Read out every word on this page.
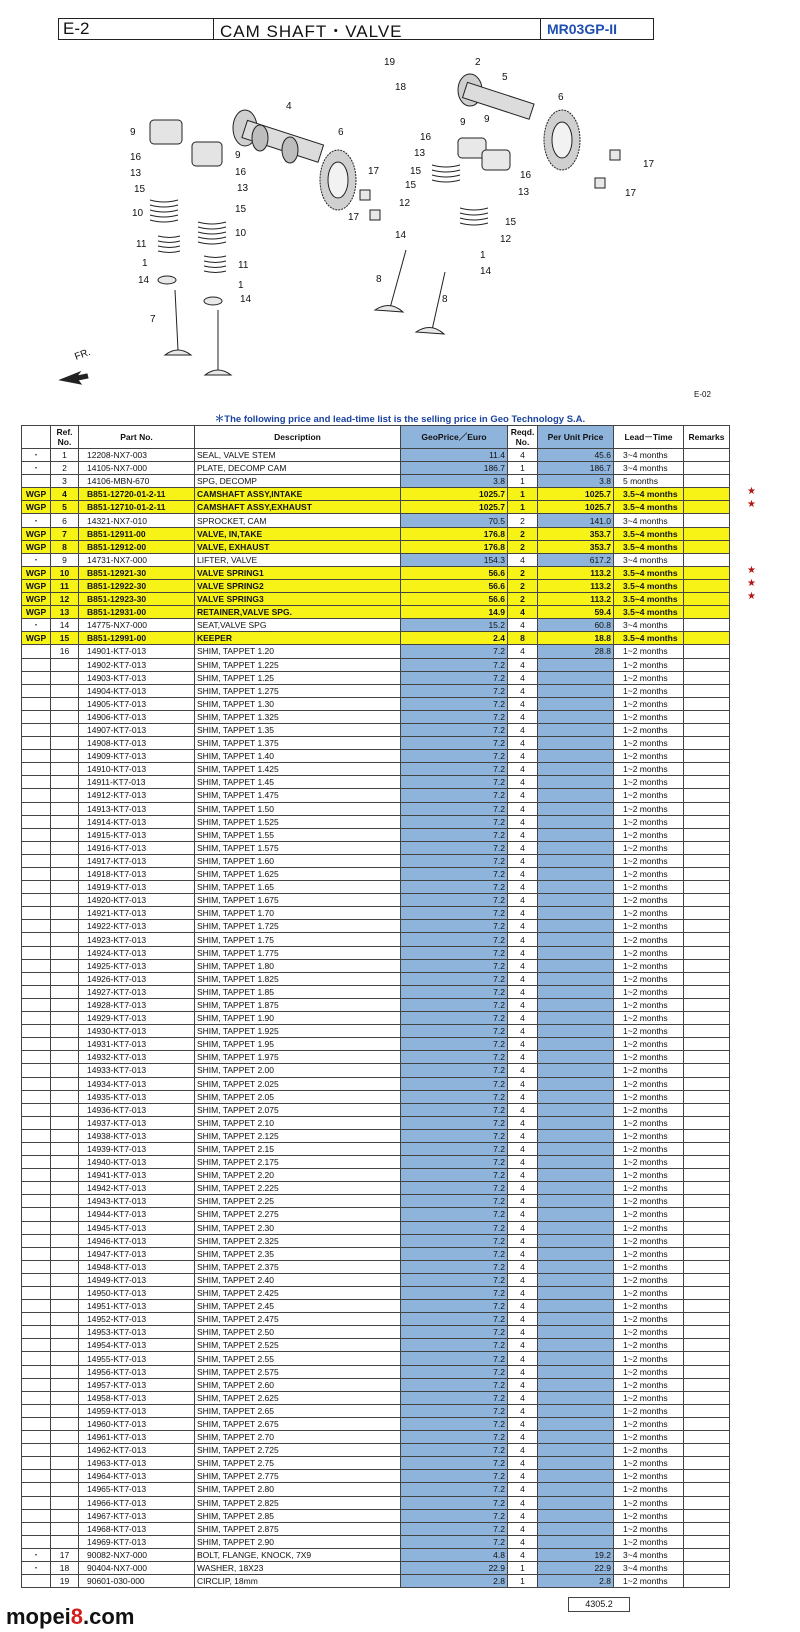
E-2	CAM SHAFT・VALVE	MR03GP-II
9
16
13
15
10
11
1
14
7
4
6
17
17
9
16
13
15
10
11
1
14
19
18
2
5
6
17
17
16
13
15
15
12
14
9 9
16
13
15
12
1
14
8
8
FR.
E-02
＊The following price and lead-time list is the selling price in Geo Technology S.A.
	Ref. No.	Part No.	Description	GeoPrice／Euro	Reqd. No.	Per Unit Price	Lead－Time	Remarks
・	1	12208-NX7-003	SEAL, VALVE STEM	11.4	4	45.6	3~4 months	
・	2	14105-NX7-000	PLATE, DECOMP CAM	186.7	1	186.7	3~4 months	
	3	14106-MBN-670	SPG, DECOMP	3.8	1	3.8	5 months	
WGP	4	B851-12720-01-2-11	CAMSHAFT ASSY,INTAKE	1025.7	1	1025.7	3.5~4 months	
WGP	5	B851-12710-01-2-11	CAMSHAFT ASSY,EXHAUST	1025.7	1	1025.7	3.5~4 months	
・	6	14321-NX7-010	SPROCKET, CAM	70.5	2	141.0	3~4 months	
WGP	7	B851-12911-00	VALVE, IN,TAKE	176.8	2	353.7	3.5~4 months	
WGP	8	B851-12912-00	VALVE, EXHAUST	176.8	2	353.7	3.5~4 months	
・	9	14731-NX7-000	LIFTER, VALVE	154.3	4	617.2	3~4 months	
WGP	10	B851-12921-30	VALVE SPRING1	56.6	2	113.2	3.5~4 months	
WGP	11	B851-12922-30	VALVE SPRING2	56.6	2	113.2	3.5~4 months	
WGP	12	B851-12923-30	VALVE SPRING3	56.6	2	113.2	3.5~4 months	
WGP	13	B851-12931-00	RETAINER,VALVE SPG.	14.9	4	59.4	3.5~4 months	
・	14	14775-NX7-000	SEAT,VALVE SPG	15.2	4	60.8	3~4 months	
WGP	15	B851-12991-00	KEEPER	2.4	8	18.8	3.5~4 months	
	16	14901-KT7-013	SHIM, TAPPET 1.20	7.2	4	28.8	1~2 months	
		14902-KT7-013	SHIM, TAPPET 1.225	7.2	4		1~2 months	
		14903-KT7-013	SHIM, TAPPET 1.25	7.2	4		1~2 months	
		14904-KT7-013	SHIM, TAPPET 1.275	7.2	4		1~2 months	
		14905-KT7-013	SHIM, TAPPET 1.30	7.2	4		1~2 months	
		14906-KT7-013	SHIM, TAPPET 1.325	7.2	4		1~2 months	
		14907-KT7-013	SHIM, TAPPET 1.35	7.2	4		1~2 months	
		14908-KT7-013	SHIM, TAPPET 1.375	7.2	4		1~2 months	
		14909-KT7-013	SHIM, TAPPET 1.40	7.2	4		1~2 months	
		14910-KT7-013	SHIM, TAPPET 1.425	7.2	4		1~2 months	
		14911-KT7-013	SHIM, TAPPET 1.45	7.2	4		1~2 months	
		14912-KT7-013	SHIM, TAPPET 1.475	7.2	4		1~2 months	
		14913-KT7-013	SHIM, TAPPET 1.50	7.2	4		1~2 months	
		14914-KT7-013	SHIM, TAPPET 1.525	7.2	4		1~2 months	
		14915-KT7-013	SHIM, TAPPET 1.55	7.2	4		1~2 months	
		14916-KT7-013	SHIM, TAPPET 1.575	7.2	4		1~2 months	
		14917-KT7-013	SHIM, TAPPET 1.60	7.2	4		1~2 months	
		14918-KT7-013	SHIM, TAPPET 1.625	7.2	4		1~2 months	
		14919-KT7-013	SHIM, TAPPET 1.65	7.2	4		1~2 months	
		14920-KT7-013	SHIM, TAPPET 1.675	7.2	4		1~2 months	
		14921-KT7-013	SHIM, TAPPET 1.70	7.2	4		1~2 months	
		14922-KT7-013	SHIM, TAPPET 1.725	7.2	4		1~2 months	
		14923-KT7-013	SHIM, TAPPET 1.75	7.2	4		1~2 months	
		14924-KT7-013	SHIM, TAPPET 1.775	7.2	4		1~2 months	
		14925-KT7-013	SHIM, TAPPET 1.80	7.2	4		1~2 months	
		14926-KT7-013	SHIM, TAPPET 1.825	7.2	4		1~2 months	
		14927-KT7-013	SHIM, TAPPET 1.85	7.2	4		1~2 months	
		14928-KT7-013	SHIM, TAPPET 1.875	7.2	4		1~2 months	
		14929-KT7-013	SHIM, TAPPET 1.90	7.2	4		1~2 months	
		14930-KT7-013	SHIM, TAPPET 1.925	7.2	4		1~2 months	
		14931-KT7-013	SHIM, TAPPET 1.95	7.2	4		1~2 months	
		14932-KT7-013	SHIM, TAPPET 1.975	7.2	4		1~2 months	
		14933-KT7-013	SHIM, TAPPET 2.00	7.2	4		1~2 months	
		14934-KT7-013	SHIM, TAPPET 2.025	7.2	4		1~2 months	
		14935-KT7-013	SHIM, TAPPET 2.05	7.2	4		1~2 months	
		14936-KT7-013	SHIM, TAPPET 2.075	7.2	4		1~2 months	
		14937-KT7-013	SHIM, TAPPET 2.10	7.2	4		1~2 months	
		14938-KT7-013	SHIM, TAPPET 2.125	7.2	4		1~2 months	
		14939-KT7-013	SHIM, TAPPET 2.15	7.2	4		1~2 months	
		14940-KT7-013	SHIM, TAPPET 2.175	7.2	4		1~2 months	
		14941-KT7-013	SHIM, TAPPET 2.20	7.2	4		1~2 months	
		14942-KT7-013	SHIM, TAPPET 2.225	7.2	4		1~2 months	
		14943-KT7-013	SHIM, TAPPET 2.25	7.2	4		1~2 months	
		14944-KT7-013	SHIM, TAPPET 2.275	7.2	4		1~2 months	
		14945-KT7-013	SHIM, TAPPET 2.30	7.2	4		1~2 months	
		14946-KT7-013	SHIM, TAPPET 2.325	7.2	4		1~2 months	
		14947-KT7-013	SHIM, TAPPET 2.35	7.2	4		1~2 months	
		14948-KT7-013	SHIM, TAPPET 2.375	7.2	4		1~2 months	
		14949-KT7-013	SHIM, TAPPET 2.40	7.2	4		1~2 months	
		14950-KT7-013	SHIM, TAPPET 2.425	7.2	4		1~2 months	
		14951-KT7-013	SHIM, TAPPET 2.45	7.2	4		1~2 months	
		14952-KT7-013	SHIM, TAPPET 2.475	7.2	4		1~2 months	
		14953-KT7-013	SHIM, TAPPET 2.50	7.2	4		1~2 months	
		14954-KT7-013	SHIM, TAPPET 2.525	7.2	4		1~2 months	
		14955-KT7-013	SHIM, TAPPET 2.55	7.2	4		1~2 months	
		14956-KT7-013	SHIM, TAPPET 2.575	7.2	4		1~2 months	
		14957-KT7-013	SHIM, TAPPET 2.60	7.2	4		1~2 months	
		14958-KT7-013	SHIM, TAPPET 2.625	7.2	4		1~2 months	
		14959-KT7-013	SHIM, TAPPET 2.65	7.2	4		1~2 months	
		14960-KT7-013	SHIM, TAPPET 2.675	7.2	4		1~2 months	
		14961-KT7-013	SHIM, TAPPET 2.70	7.2	4		1~2 months	
		14962-KT7-013	SHIM, TAPPET 2.725	7.2	4		1~2 months	
		14963-KT7-013	SHIM, TAPPET 2.75	7.2	4		1~2 months	
		14964-KT7-013	SHIM, TAPPET 2.775	7.2	4		1~2 months	
		14965-KT7-013	SHIM, TAPPET 2.80	7.2	4		1~2 months	
		14966-KT7-013	SHIM, TAPPET 2.825	7.2	4		1~2 months	
		14967-KT7-013	SHIM, TAPPET 2.85	7.2	4		1~2 months	
		14968-KT7-013	SHIM, TAPPET 2.875	7.2	4		1~2 months	
		14969-KT7-013	SHIM, TAPPET 2.90	7.2	4		1~2 months	
・	17	90082-NX7-000	BOLT, FLANGE, KNOCK, 7X9	4.8	4	19.2	3~4 months	
・	18	90404-NX7-000	WASHER, 18X23	22.9	1	22.9	3~4 months	
	19	90601-030-000	CIRCLIP, 18mm	2.8	1	2.8	1~2 months	
★
★
★
★
★
4305.2
mopei8.com
